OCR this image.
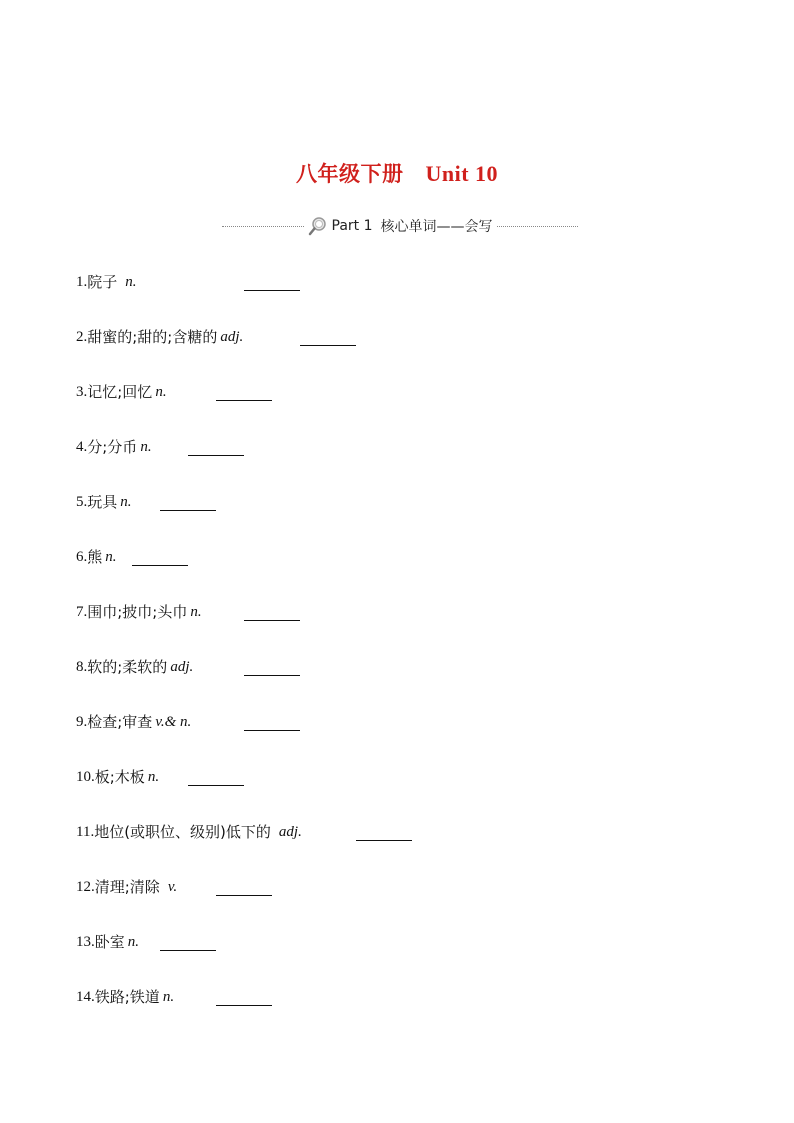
八年级下册 Unit 10
Part 1 核心单词——会写
1. 院子 n.
2. 甜蜜的;甜的;含糖的 adj.
3. 记忆;回忆 n.
4. 分;分币 n.
5. 玩具 n.
6. 熊 n.
7. 围巾;披巾;头巾 n.
8. 软的;柔软的 adj.
9. 检查;审查 v.& n.
10. 板;木板 n.
11. 地位(或职位、级别)低下的 adj.
12. 清理;清除 v.
13. 卧室 n.
14. 铁路;铁道 n.
